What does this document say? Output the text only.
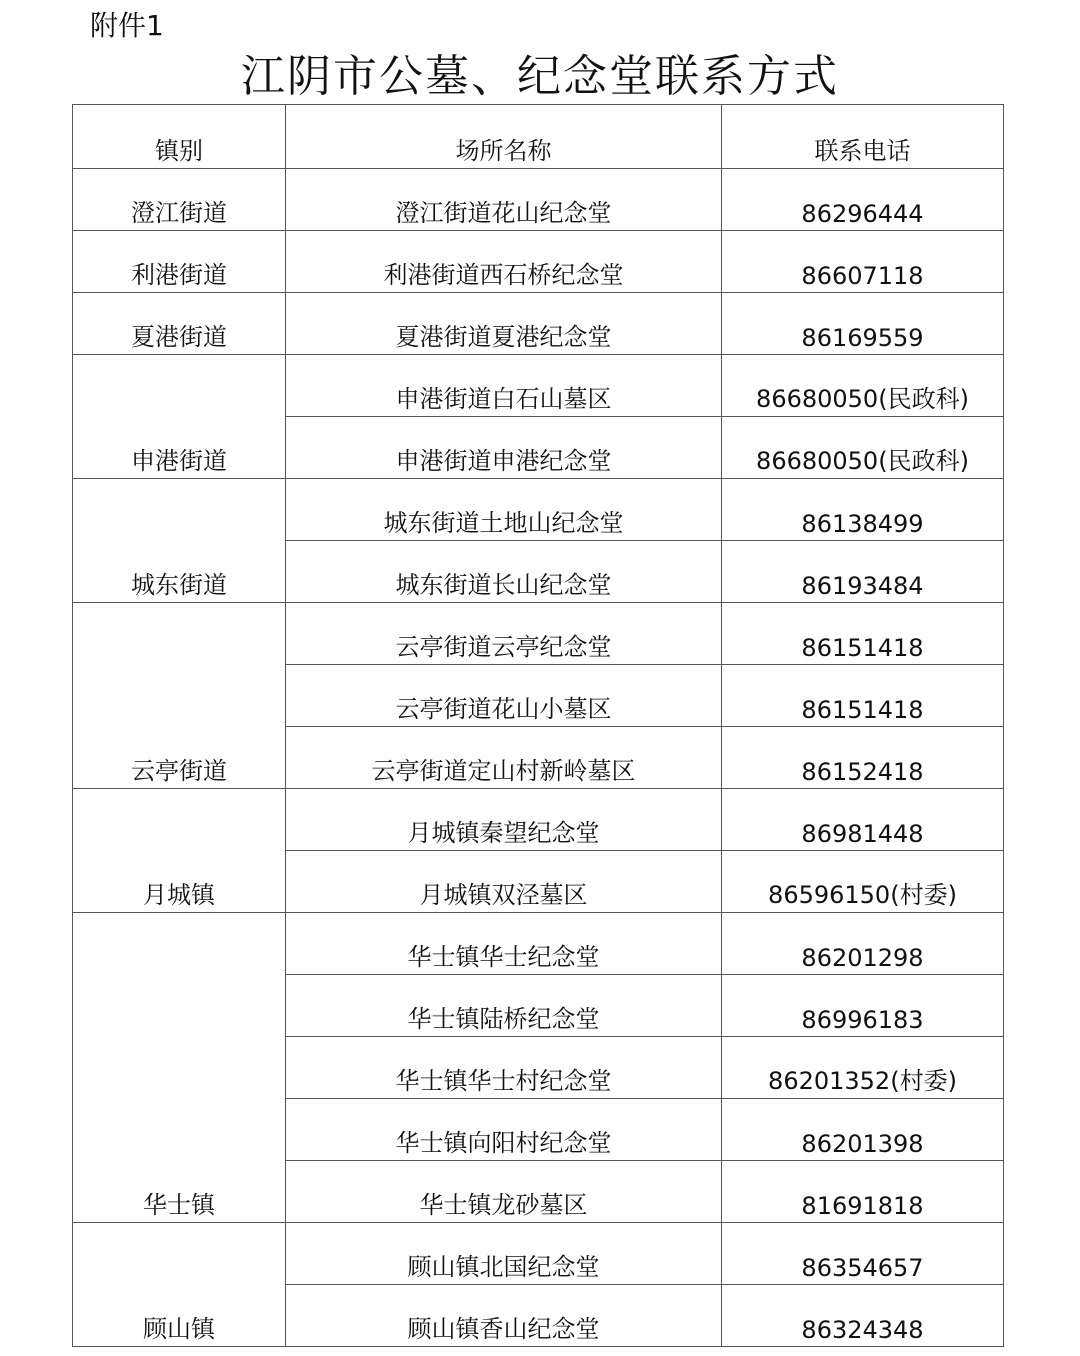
附件1
江阴市公墓、纪念堂联系方式
镇别	场所名称	联系电话
澄江街道	澄江街道花山纪念堂	86296444
利港街道	利港街道西石桥纪念堂	86607118
夏港街道	夏港街道夏港纪念堂	86169559
申港街道	申港街道白石山墓区	86680050(民政科)
	申港街道申港纪念堂	86680050(民政科)
城东街道	城东街道土地山纪念堂	86138499
	城东街道长山纪念堂	86193484
云亭街道	云亭街道云亭纪念堂	86151418
	云亭街道花山小墓区	86151418
	云亭街道定山村新岭墓区	86152418
月城镇	月城镇秦望纪念堂	86981448
	月城镇双泾墓区	86596150(村委)
华士镇	华士镇华士纪念堂	86201298
	华士镇陆桥纪念堂	86996183
	华士镇华士村纪念堂	86201352(村委)
	华士镇向阳村纪念堂	86201398
	华士镇龙砂墓区	81691818
顾山镇	顾山镇北国纪念堂	86354657
	顾山镇香山纪念堂	86324348
